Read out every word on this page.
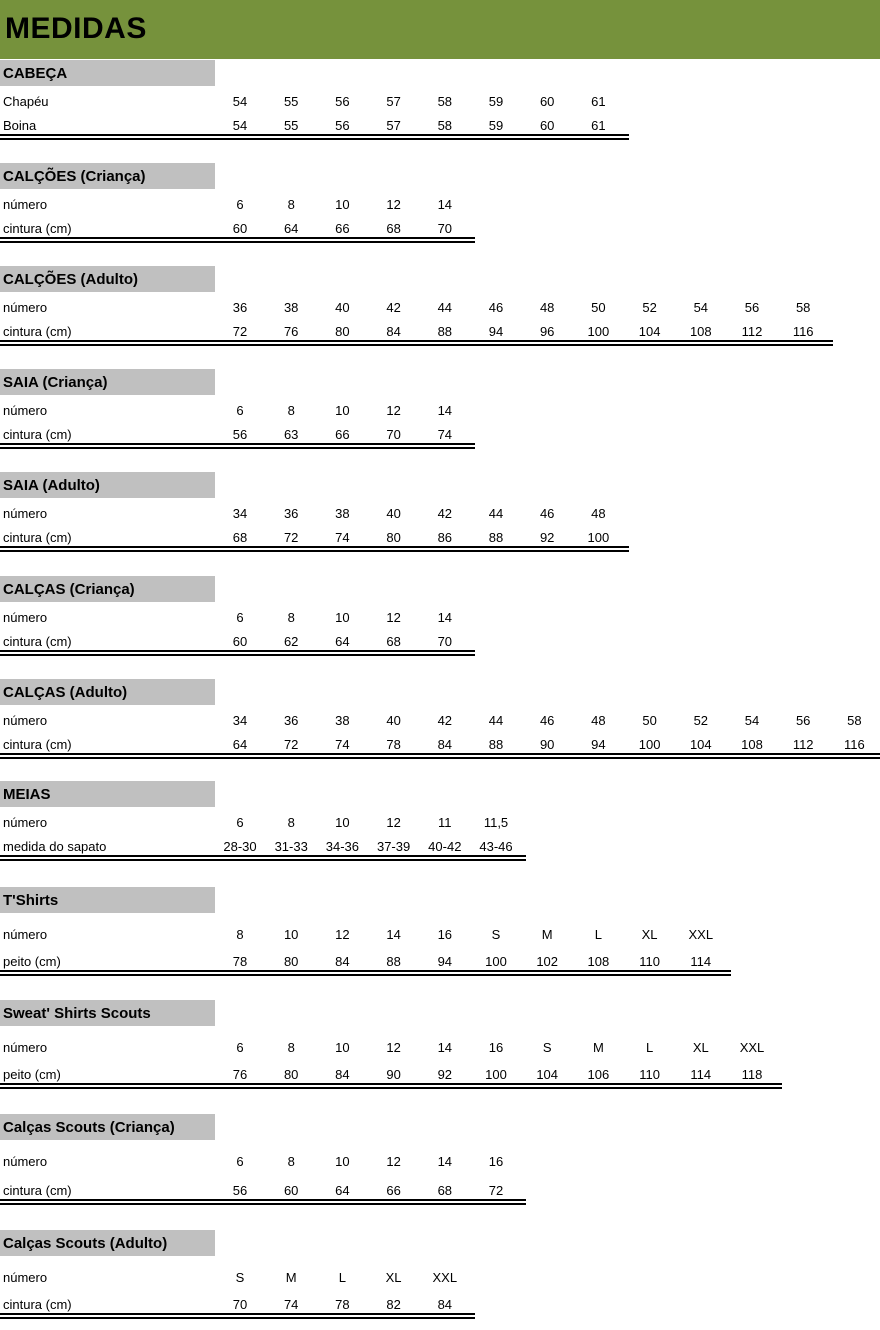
MEDIDAS
CABEÇA
Chapéu	54	55	56	57	58	59	60	61
Boina	54	55	56	57	58	59	60	61
CALÇÕES (Criança)
número	6	8	10	12	14
cintura (cm)	60	64	66	68	70
CALÇÕES (Adulto)
número	36	38	40	42	44	46	48	50	52	54	56	58
cintura (cm)	72	76	80	84	88	94	96	100	104	108	112	116
SAIA (Criança)
número	6	8	10	12	14
cintura (cm)	56	63	66	70	74
SAIA (Adulto)
número	34	36	38	40	42	44	46	48
cintura (cm)	68	72	74	80	86	88	92	100
CALÇAS (Criança)
número	6	8	10	12	14
cintura (cm)	60	62	64	68	70
CALÇAS (Adulto)
número	34	36	38	40	42	44	46	48	50	52	54	56	58
cintura (cm)	64	72	74	78	84	88	90	94	100	104	108	112	116
MEIAS
número	6	8	10	12	11	11,5
medida do sapato	28-30	31-33	34-36	37-39	40-42	43-46
T'Shirts
número	8	10	12	14	16	S	M	L	XL	XXL
peito (cm)	78	80	84	88	94	100	102	108	110	114
Sweat' Shirts Scouts
número	6	8	10	12	14	16	S	M	L	XL	XXL
peito (cm)	76	80	84	90	92	100	104	106	110	114	118
Calças Scouts (Criança)
número	6	8	10	12	14	16
cintura (cm)	56	60	64	66	68	72
Calças Scouts (Adulto)
número	S	M	L	XL	XXL
cintura (cm)	70	74	78	82	84
